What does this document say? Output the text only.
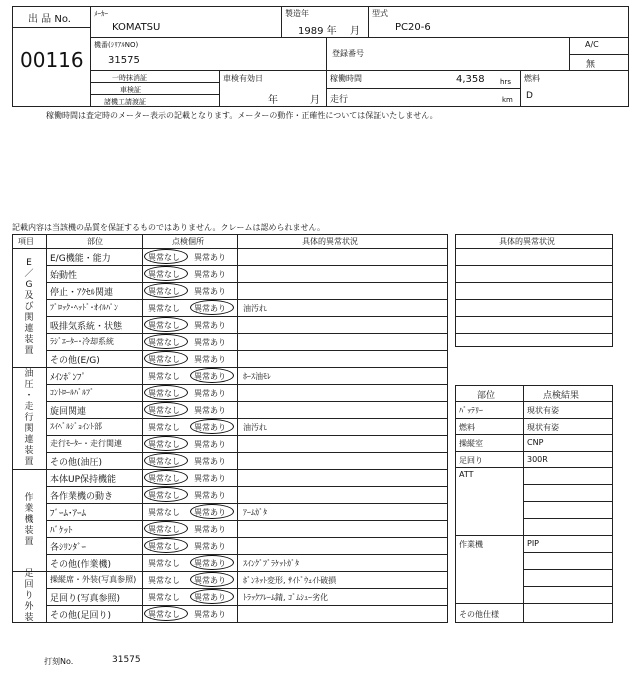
出 品 No.
00116
ﾒｰｶｰ
KOMATSU
製造年
1989 年 月
型式
PC20-6
機番(ｼﾘｱﾙNO)
31575
登録番号
A/C
無
一時抹消証
車検証
諸機工請渡証
車検有効日
年	月
稼働時間	4,358 hrs
走行	km
燃料
D
稼働時間は査定時のメーター表示の記載となります。メーターの動作・正確性については保証いたしません。
記載内容は当該機の品質を保証するものではありません。クレームは認められません。
項目	部位	点検個所	具体的異常状況
E
／
G
及
び
関
連
装
置
油
圧
・
走
行
関
連
装
置
作
業
機
装
置
足
回
り
外
装
E/G機能・能力	異常なし 異常あり
始動性	異常なし 異常あり
停止・ｱｸｾﾙ関連	異常なし 異常あり
ﾌﾞﾛｯｸ･ﾍｯﾄﾞ･ｵｲﾙﾊﾟﾝ	異常なし 異常あり 油汚れ
吸排気系統・状態	異常なし 異常あり
ﾗｼﾞｴｰﾀｰ･冷却系統	異常なし 異常あり
その他(E/G)	異常なし 異常あり
ﾒｲﾝﾎﾟﾝﾌﾟ	異常なし 異常あり ﾎｰｽ油ﾓﾚ
ｺﾝﾄﾛｰﾙﾊﾞﾙﾌﾞ	異常なし 異常あり
旋回関連	異常なし 異常あり
ｽｲﾍﾞﾙｼﾞｮｲﾝﾄ部	異常なし 異常あり 油汚れ
走行ﾓｰﾀｰ・走行関連	異常なし 異常あり
その他(油圧)	異常なし 異常あり
本体UP保持機能	異常なし 異常あり
各作業機の動き	異常なし 異常あり
ﾌﾞｰﾑ･ｱｰﾑ	異常なし 異常あり ｱｰﾑｶﾞﾀ
ﾊﾞｹｯﾄ	異常なし 異常あり
各ｼﾘﾝﾀﾞｰ	異常なし 異常あり
その他(作業機)	異常なし 異常あり ｽｲﾝｸﾞﾌﾞﾗｹｯﾄｶﾞﾀ
操縦席・外装(写真参照) 異常なし 異常あり ﾎﾞﾝﾈｯﾄ変形, ｻｲﾄﾞｳｪｲﾄ破損
足回り(写真参照)	異常なし 異常あり ﾄﾗｯｸﾌﾚｰﾑ錆, ｺﾞﾑｼｭｰ劣化
その他(足回り)	異常なし 異常あり
具体的異常状況
部位	点検結果
ﾊﾞｯﾃﾘｰ	現状有姿
燃料	現状有姿
操縦室	CNP
足回り	300R
ATT
作業機	PIP
その他仕様
打刻No.	31575
